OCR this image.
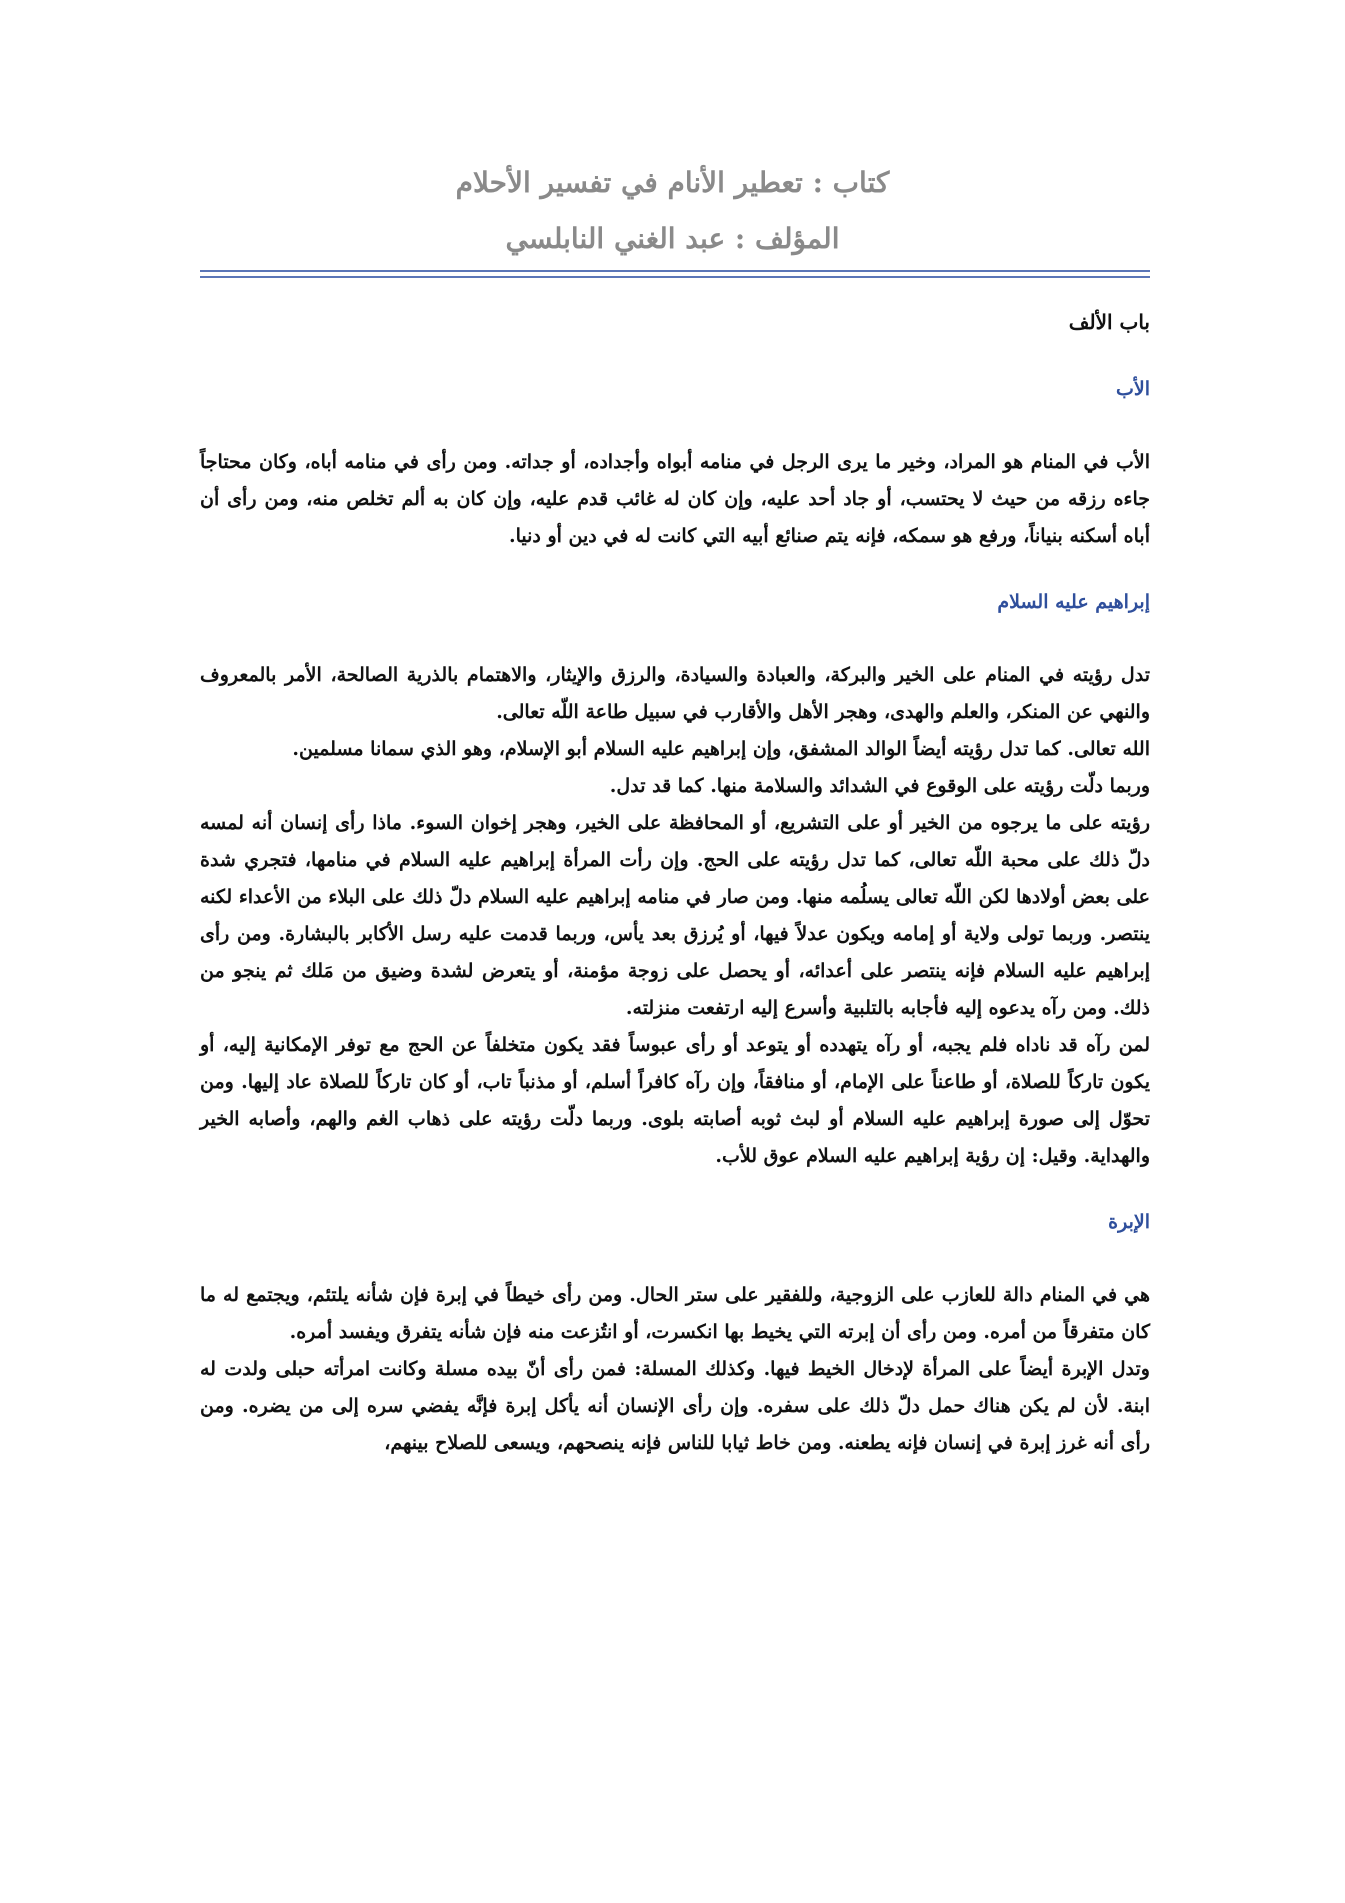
كتاب : تعطير الأنام في تفسير الأحلام
المؤلف : عبد الغني النابلسي
باب الألف
الأب

الأب في المنام هو المراد، وخير ما يرى الرجل في منامه أبواه وأجداده، أو جداته. ومن رأى في منامه أباه، وكان محتاجاً جاءه رزقه من حيث لا يحتسب، أو جاد أحد عليه، وإن كان له غائب قدم عليه، وإن كان به ألم تخلص منه، ومن رأى أن أباه أسكنه بنياناً، ورفع هو سمكه، فإنه يتم صنائع أبيه التي كانت له في دين أو دنيا.

إبراهيم عليه السلام

تدل رؤيته في المنام على الخير والبركة، والعبادة والسيادة، والرزق والإيثار، والاهتمام بالذرية الصالحة، الأمر بالمعروف والنهي عن المنكر، والعلم والهدى، وهجر الأهل والأقارب في سبيل طاعة اللّه تعالى.

الله تعالى. كما تدل رؤيته أيضاً الوالد المشفق، وإن إبراهيم عليه السلام أبو الإسلام، وهو الذي سمانا مسلمين.

وربما دلّت رؤيته على الوقوع في الشدائد والسلامة منها. كما قد تدل.

رؤيته على ما يرجوه من الخير أو على التشريع، أو المحافظة على الخير، وهجر إخوان السوء. ماذا رأى إنسان أنه لمسه دلّ ذلك على محبة اللّه تعالى، كما تدل رؤيته على الحج. وإن رأت المرأة إبراهيم عليه السلام في منامها، فتجري شدة على بعض أولادها لكن اللّه تعالى يسلُمه منها. ومن صار في منامه إبراهيم عليه السلام دلّ ذلك على البلاء من الأعداء لكنه ينتصر. وربما تولى ولاية أو إمامه ويكون عدلاً فيها، أو يُرزق بعد يأس، وربما قدمت عليه رسل الأكابر بالبشارة. ومن رأى إبراهيم عليه السلام فإنه ينتصر على أعدائه، أو يحصل على زوجة مؤمنة، أو يتعرض لشدة وضيق من مَلك ثم ينجو من ذلك. ومن رآه يدعوه إليه فأجابه بالتلبية وأسرع إليه ارتفعت منزلته.

لمن رآه قد ناداه فلم يجبه، أو رآه يتهدده أو يتوعد أو رأى عبوساً فقد يكون متخلفاً عن الحج مع توفر الإمكانية إليه، أو يكون تاركاً للصلاة، أو طاعناً على الإمام، أو منافقاً، وإن رآه كافراً أسلم، أو مذنباً تاب، أو كان تاركاً للصلاة عاد إليها. ومن تحوّل إلى صورة إبراهيم عليه السلام أو لبث ثوبه أصابته بلوى. وربما دلّت رؤيته على ذهاب الغم والهم، وأصابه الخير والهداية. وقيل: إن رؤية إبراهيم عليه السلام عوق للأب.

الإبرة

هي في المنام دالة للعازب على الزوجية، وللفقير على ستر الحال. ومن رأى خيطاً في إبرة فإن شأنه يلتئم، ويجتمع له ما كان متفرقاً من أمره. ومن رأى أن إبرته التي يخيط بها انكسرت، أو انتُزعت منه فإن شأنه يتفرق ويفسد أمره.

وتدل الإبرة أيضاً على المرأة لإدخال الخيط فيها. وكذلك المسلة: فمن رأى أنّ بيده مسلة وكانت امرأته حبلى ولدت له ابنة. لأن لم يكن هناك حمل دلّ ذلك على سفره. وإن رأى الإنسان أنه يأكل إبرة فإنَّه يفضي سره إلى من يضره. ومن رأى أنه غرز إبرة في إنسان فإنه يطعنه. ومن خاط ثيابا للناس فإنه ينصحهم، ويسعى للصلاح بينهم،
